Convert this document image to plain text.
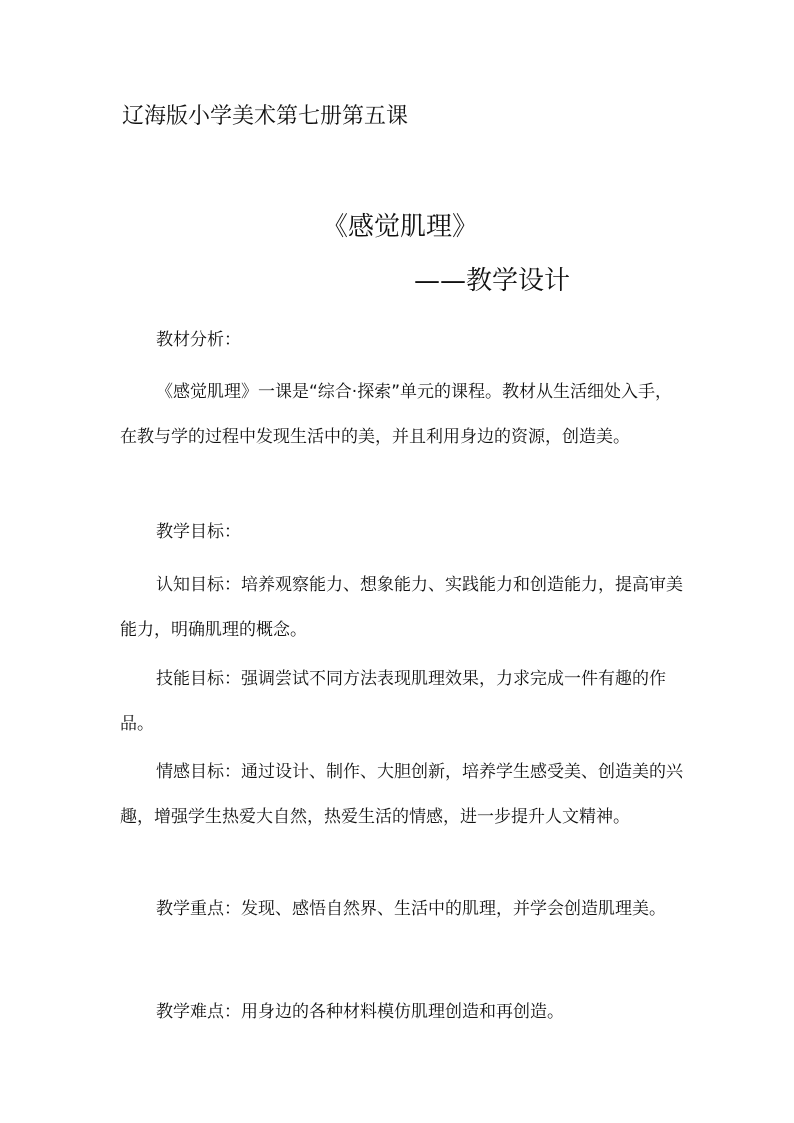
辽海版小学美术第七册第五课
《感觉肌理》
——教学设计

教材分析：

《感觉肌理》一课是“综合·探索”单元的课程。教材从生活细处入手，在教与学的过程中发现生活中的美，并且利用身边的资源，创造美。

教学目标：

认知目标：培养观察能力、想象能力、实践能力和创造能力，提高审美能力，明确肌理的概念。

技能目标：强调尝试不同方法表现肌理效果，力求完成一件有趣的作品。

情感目标：通过设计、制作、大胆创新，培养学生感受美、创造美的兴趣，增强学生热爱大自然，热爱生活的情感，进一步提升人文精神。

教学重点：发现、感悟自然界、生活中的肌理，并学会创造肌理美。

教学难点：用身边的各种材料模仿肌理创造和再创造。
